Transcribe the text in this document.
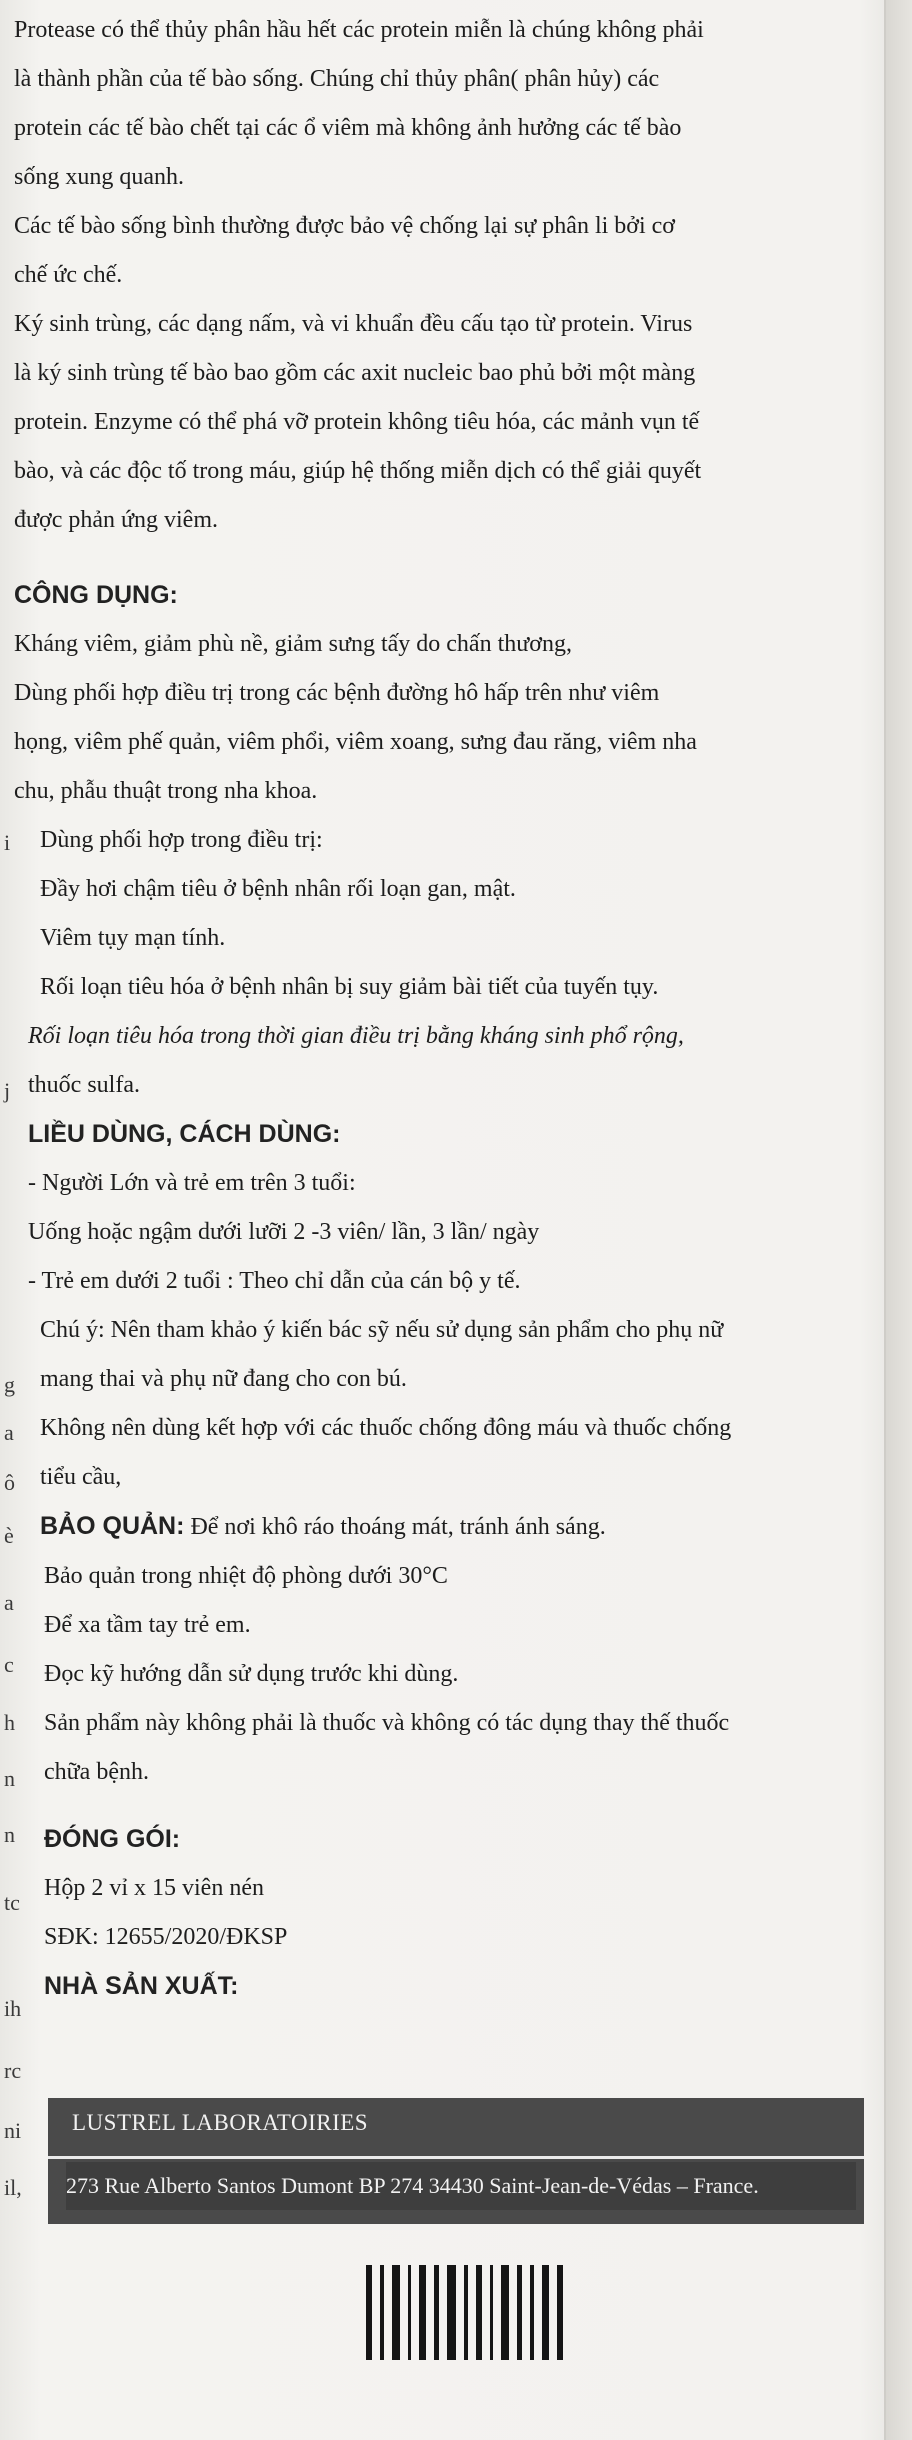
i
j
g
a
ô
è
a
c
h
n
n
tc
ih
rc
ni
il,

Protease có thể thủy phân hầu hết các protein miễn là chúng không phải

là thành phần của tế bào sống. Chúng chỉ thủy phân( phân hủy) các

protein các tế bào chết tại các ổ viêm mà không ảnh hưởng các tế bào

sống xung quanh.

Các tế bào sống bình thường được bảo vệ chống lại sự phân li bởi cơ

chế ức chế.

Ký sinh trùng, các dạng nấm, và vi khuẩn đều cấu tạo từ protein. Virus

là ký sinh trùng tế bào bao gồm các axit nucleic bao phủ bởi một màng

protein. Enzyme có thể phá vỡ protein không tiêu hóa, các mảnh vụn tế

bào, và các độc tố trong máu, giúp hệ thống miễn dịch có thể giải quyết

được phản ứng viêm.

CÔNG DỤNG:

Kháng viêm, giảm phù nề, giảm sưng tấy do chấn thương,

Dùng phối hợp điều trị trong các bệnh đường hô hấp trên như viêm

họng, viêm phế quản, viêm phổi, viêm xoang, sưng đau răng, viêm nha

chu, phẫu thuật trong nha khoa.

Dùng phối hợp trong điều trị:

Đầy hơi chậm tiêu ở bệnh nhân rối loạn gan, mật.

Viêm tụy mạn tính.

Rối loạn tiêu hóa ở bệnh nhân bị suy giảm bài tiết của tuyến tụy.

Rối loạn tiêu hóa trong thời gian điều trị bằng kháng sinh phổ rộng,

thuốc sulfa.

LIỀU DÙNG, CÁCH DÙNG:

- Người Lớn và trẻ em trên 3 tuổi:

Uống hoặc ngậm dưới lưỡi 2 -3 viên/ lần, 3 lần/ ngày

- Trẻ em dưới 2 tuổi : Theo chỉ dẫn của cán bộ y tế.

Chú ý: Nên tham khảo ý kiến bác sỹ nếu sử dụng sản phẩm cho phụ nữ

mang thai và phụ nữ đang cho con bú.

Không nên dùng kết hợp với các thuốc chống đông máu và thuốc chống

tiểu cầu,

BẢO QUẢN: Để nơi khô ráo thoáng mát, tránh ánh sáng.

Bảo quản trong nhiệt độ phòng dưới 30°C

Để xa tầm tay trẻ em.

Đọc kỹ hướng dẫn sử dụng trước khi dùng.

Sản phẩm này không phải là thuốc và không có tác dụng thay thế thuốc

chữa bệnh.

ĐÓNG GÓI:

Hộp 2 vỉ x 15 viên nén

SĐK: 12655/2020/ĐKSP

NHÀ SẢN XUẤT:

LUSTREL LABORATOIRIES
273 Rue Alberto Santos Dumont BP 274 34430 Saint-Jean-de-Védas – France.
